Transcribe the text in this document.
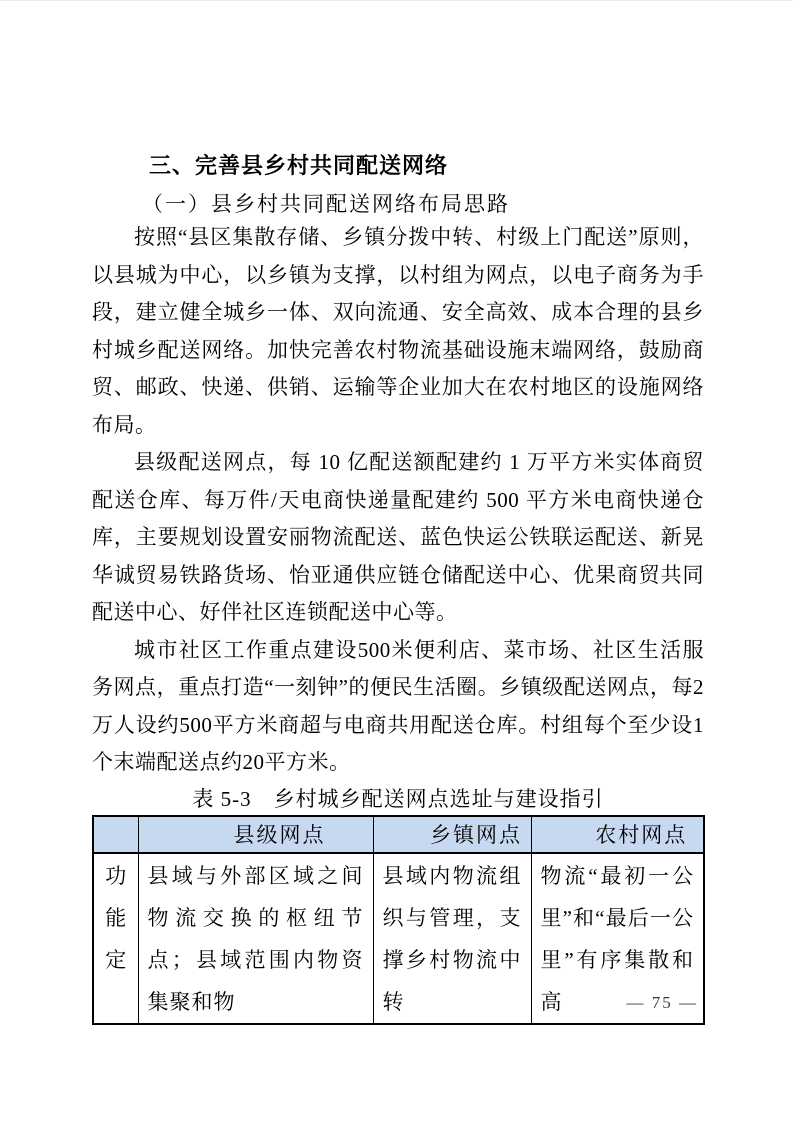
三、完善县乡村共同配送网络
（一）县乡村共同配送网络布局思路

按照“县区集散存储、乡镇分拨中转、村级上门配送”原则，以县城为中心，以乡镇为支撑，以村组为网点，以电子商务为手段，建立健全城乡一体、双向流通、安全高效、成本合理的县乡村城乡配送网络。加快完善农村物流基础设施末端网络，鼓励商贸、邮政、快递、供销、运输等企业加大在农村地区的设施网络布局。

县级配送网点，每 10 亿配送额配建约 1 万平方米实体商贸配送仓库、每万件/天电商快递量配建约 500 平方米电商快递仓库，主要规划设置安丽物流配送、蓝色快运公铁联运配送、新晃华诚贸易铁路货场、怡亚通供应链仓储配送中心、优果商贸共同配送中心、好伴社区连锁配送中心等。

城市社区工作重点建设500米便利店、菜市场、社区生活服务网点，重点打造“一刻钟”的便民生活圈。乡镇级配送网点，每2万人设约500平方米商超与电商共用配送仓库。村组每个至少设1个末端配送点约20平方米。

表 5-3　乡村城乡配送网点选址与建设指引
	县级网点	乡镇网点	农村网点
功能定	县域与外部区域之间物流交换的枢纽节点；县域范围内物资集聚和物	县域内物流组织与管理，支撑乡村物流中转	物流“最初一公里”和“最后一公里”有序集散和高	— 75 —
